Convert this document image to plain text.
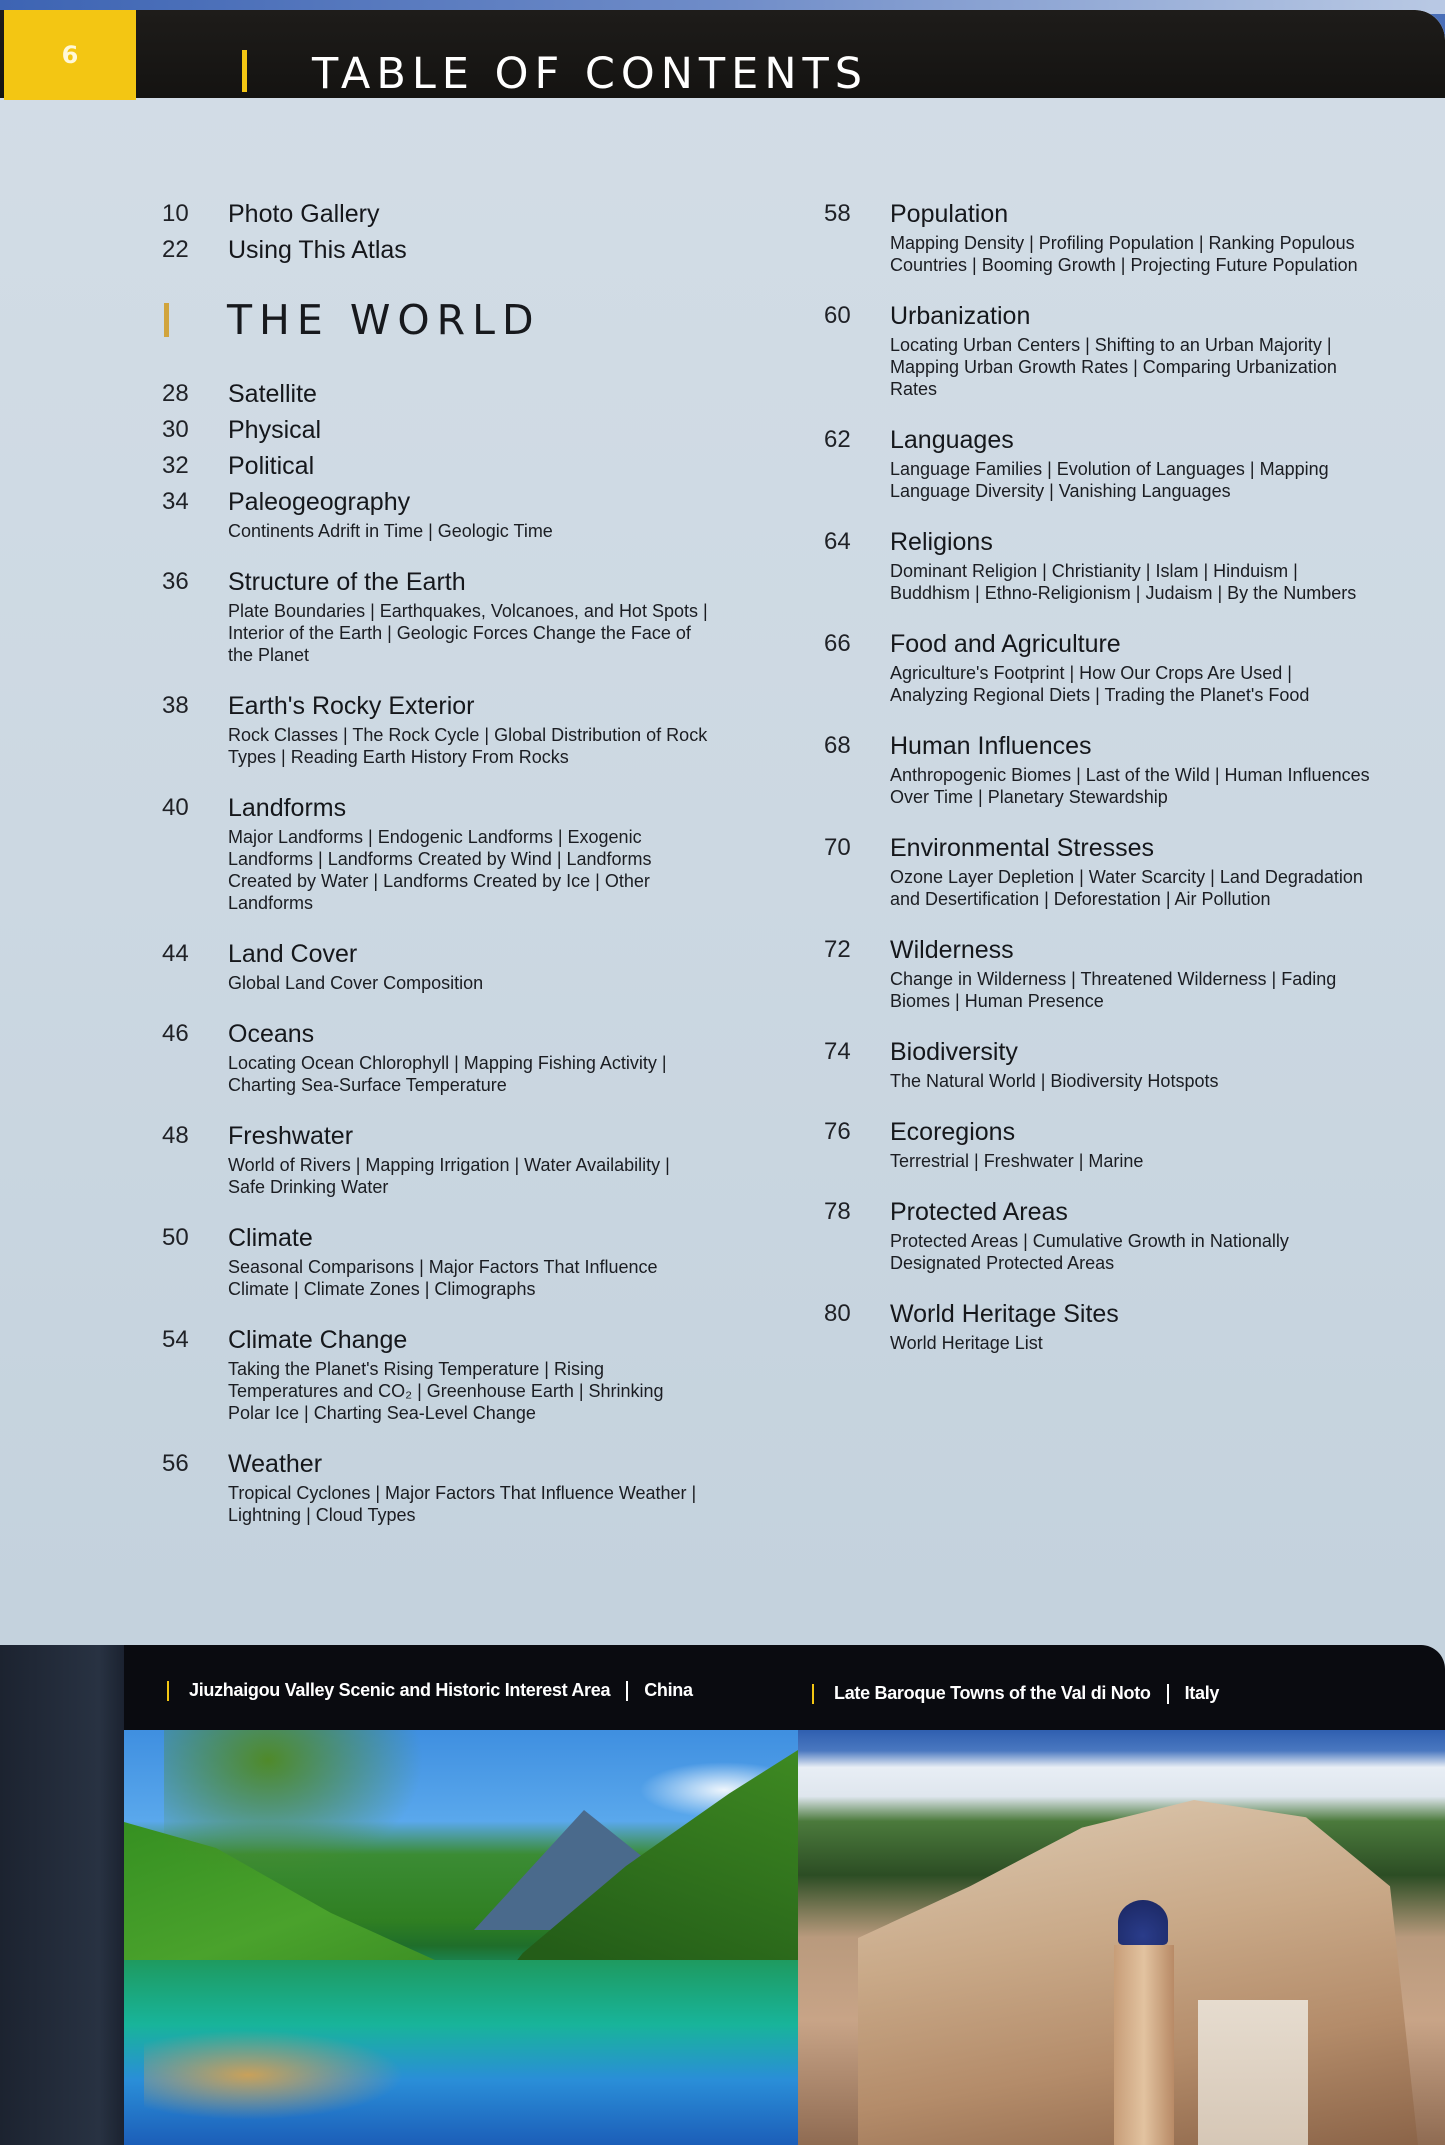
6	TABLE OF CONTENTS
10	Photo Gallery
22	Using This Atlas
THE WORLD
28	Satellite
30	Physical
32	Political
34	Paleogeography
Continents Adrift in Time | Geologic Time
36	Structure of the Earth
Plate Boundaries | Earthquakes, Volcanoes, and Hot Spots | Interior of the Earth | Geologic Forces Change the Face of the Planet
38	Earth's Rocky Exterior
Rock Classes | The Rock Cycle | Global Distribution of Rock Types | Reading Earth History From Rocks
40	Landforms
Major Landforms | Endogenic Landforms | Exogenic Landforms | Landforms Created by Wind | Landforms Created by Water | Landforms Created by Ice | Other Landforms
44	Land Cover
Global Land Cover Composition
46	Oceans
Locating Ocean Chlorophyll | Mapping Fishing Activity | Charting Sea-Surface Temperature
48	Freshwater
World of Rivers | Mapping Irrigation | Water Availability | Safe Drinking Water
50	Climate
Seasonal Comparisons | Major Factors That Influence Climate | Climate Zones | Climographs
54	Climate Change
Taking the Planet's Rising Temperature | Rising Temperatures and CO₂ | Greenhouse Earth | Shrinking Polar Ice | Charting Sea-Level Change
56	Weather
Tropical Cyclones | Major Factors That Influence Weather | Lightning | Cloud Types
58	Population
Mapping Density | Profiling Population | Ranking Populous Countries | Booming Growth | Projecting Future Population
60	Urbanization
Locating Urban Centers | Shifting to an Urban Majority | Mapping Urban Growth Rates | Comparing Urbanization Rates
62	Languages
Language Families | Evolution of Languages | Mapping Language Diversity | Vanishing Languages
64	Religions
Dominant Religion | Christianity | Islam | Hinduism | Buddhism | Ethno-Religionism | Judaism | By the Numbers
66	Food and Agriculture
Agriculture's Footprint | How Our Crops Are Used | Analyzing Regional Diets | Trading the Planet's Food
68	Human Influences
Anthropogenic Biomes | Last of the Wild | Human Influences Over Time | Planetary Stewardship
70	Environmental Stresses
Ozone Layer Depletion | Water Scarcity | Land Degradation and Desertification | Deforestation | Air Pollution
72	Wilderness
Change in Wilderness | Threatened Wilderness | Fading Biomes | Human Presence
74	Biodiversity
The Natural World | Biodiversity Hotspots
76	Ecoregions
Terrestrial | Freshwater | Marine
78	Protected Areas
Protected Areas | Cumulative Growth in Nationally Designated Protected Areas
80	World Heritage Sites
World Heritage List
Jiuzhaigou Valley Scenic and Historic Interest Area China	Late Baroque Towns of the Val di Noto Italy
